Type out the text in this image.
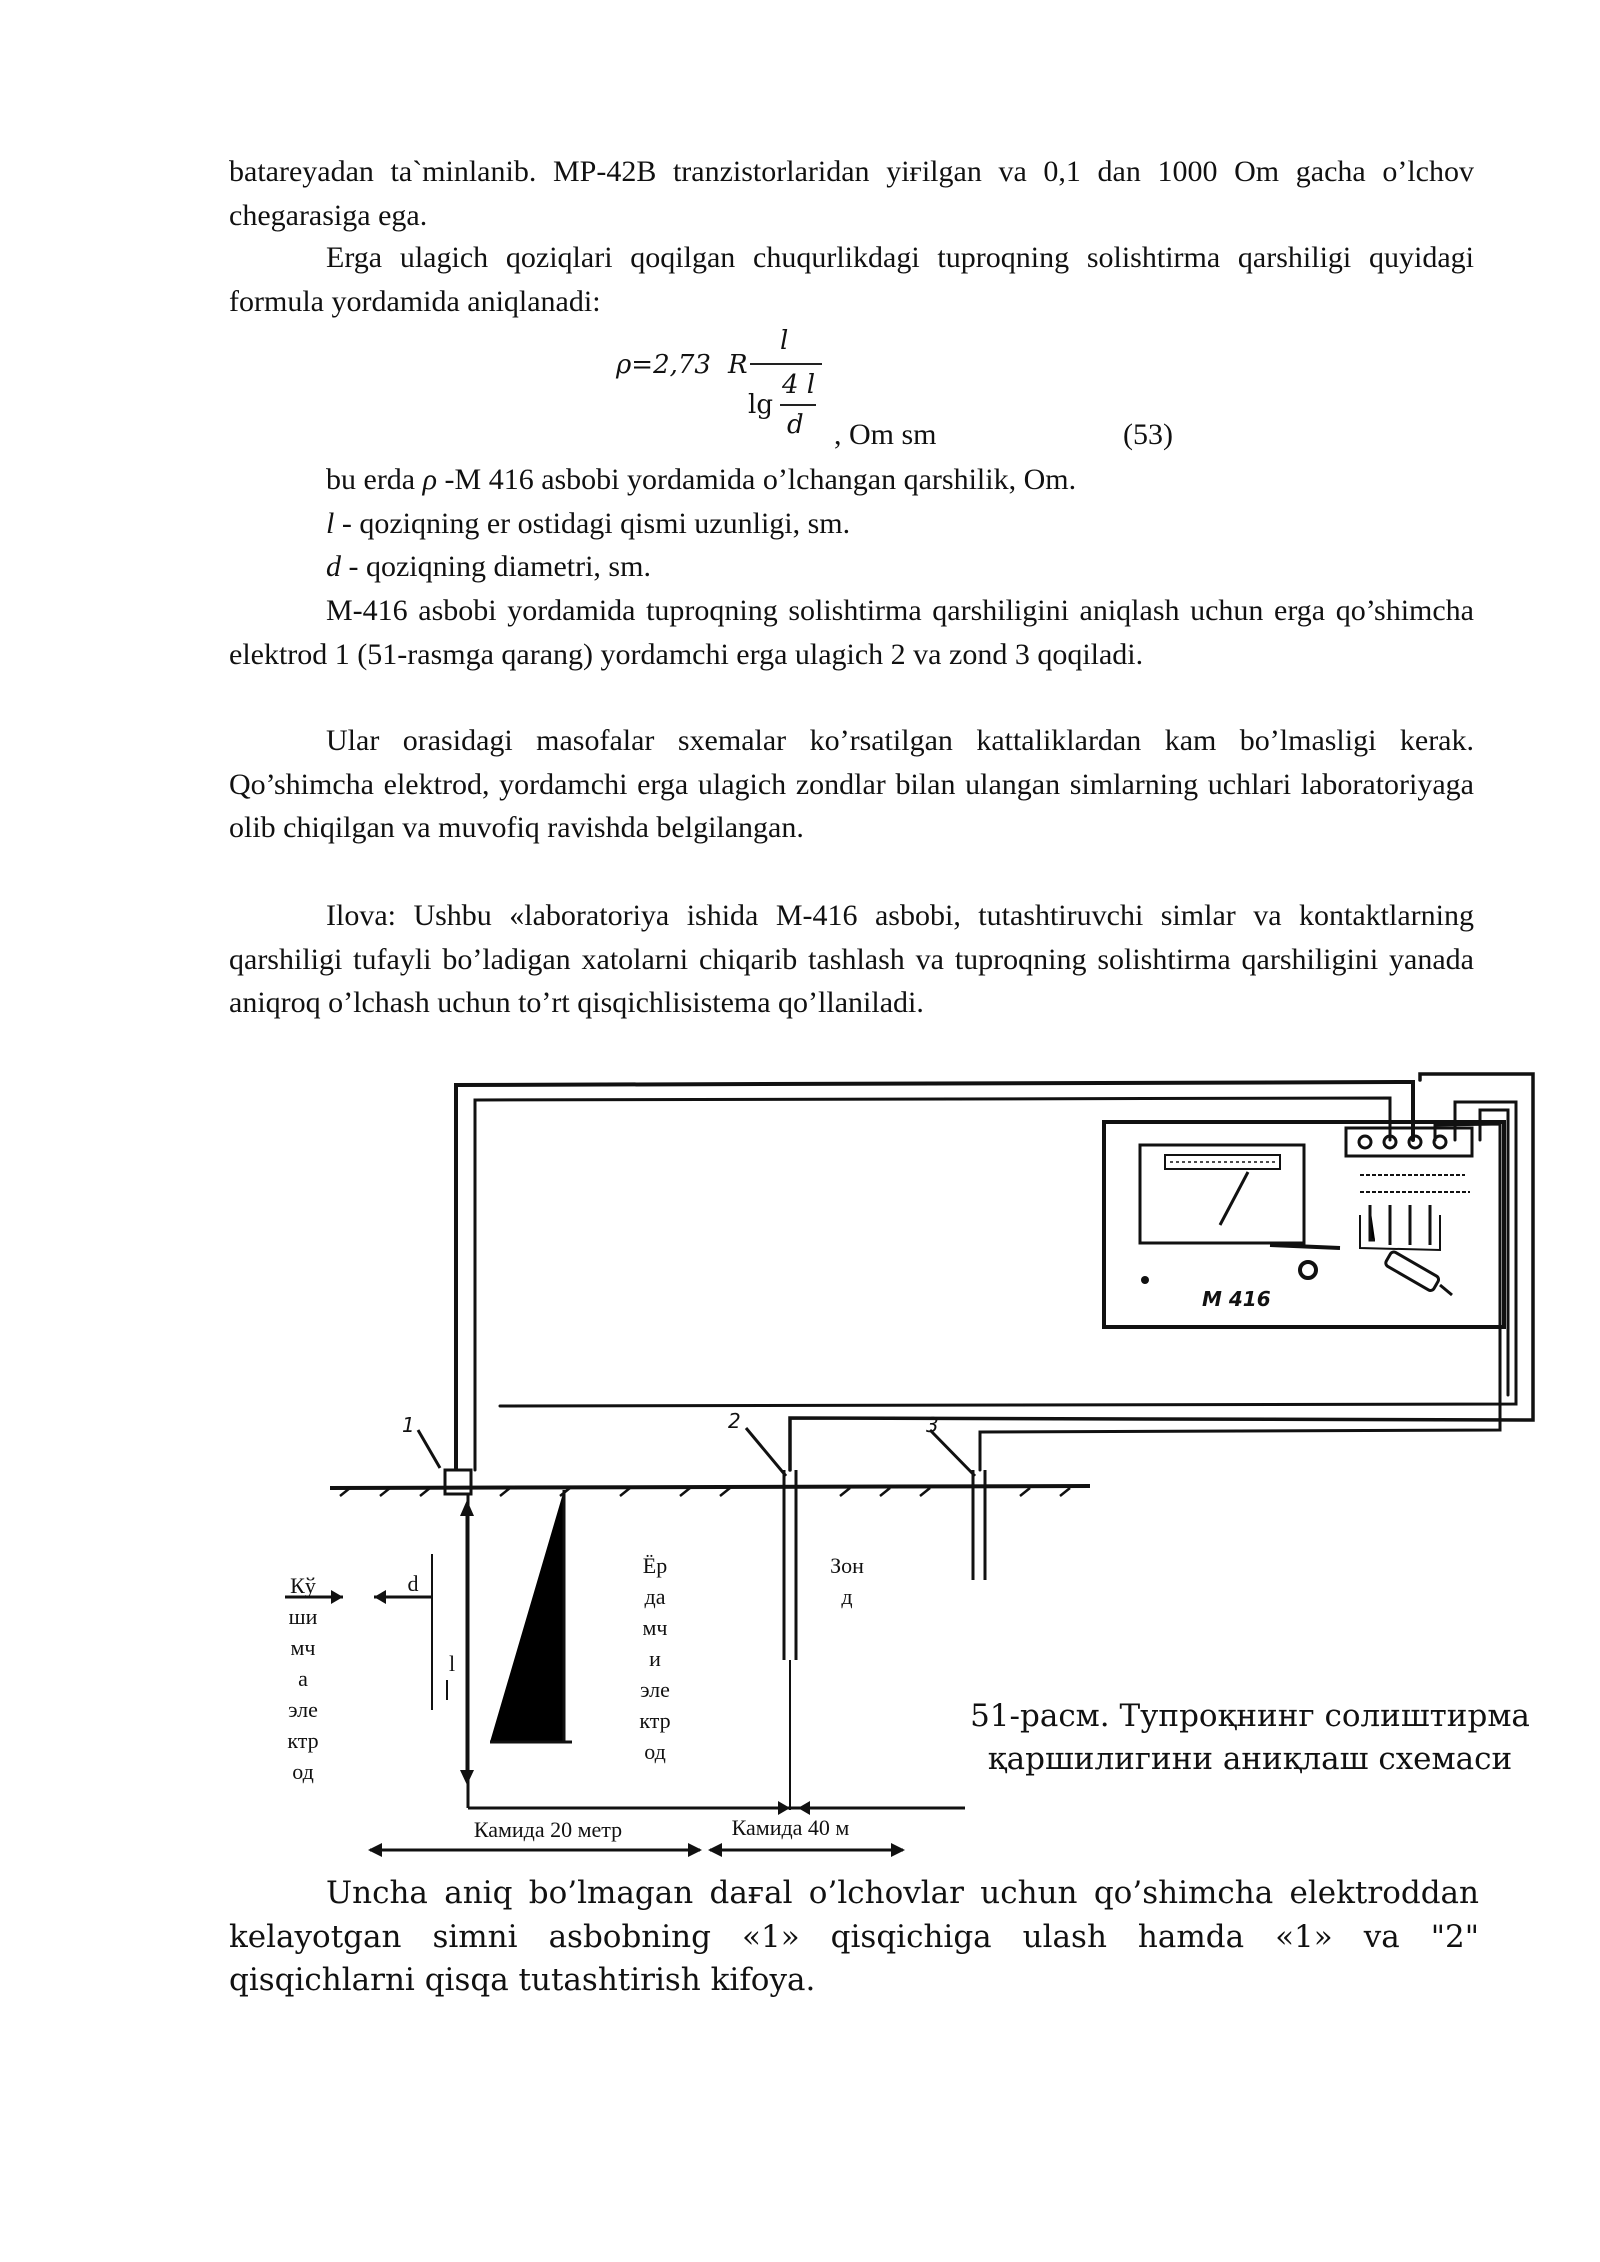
batareyadan ta`minlanib. MP-42B tranzistorlaridan yiғilgan va 0,1 dan 1000 Om gacha o’lchov chegarasiga ega.

Erga ulagich qoziqlari qoqilgan chuqurlikdagi tuproqning solishtirma qarshiligi quyidagi formula yordamida aniqlanadi:

ρ=2,73 R
l
lg
4 l
d , Om sm	(53)

bu erda ρ -M 416 asbobi yordamida o’lchangan qarshilik, Om.

l - qoziqning er ostidagi qismi uzunligi, sm.

d - qoziqning diametri, sm.

M-416 asbobi yordamida tuproqning solishtirma qarshiligini aniqlash uchun erga qo’shimcha elektrod 1 (51-rasmga qarang) yordamchi erga ulagich 2 va zond 3 qoqiladi.

Ular orasidagi masofalar sxemalar ko’rsatilgan kattaliklardan kam bo’lmasligi kerak. Qo’shimcha elektrod, yordamchi erga ulagich zondlar bilan ulangan simlarning uchlari laboratoriyaga olib chiqilgan va muvofiq ravishda belgilangan.

Ilova: Ushbu «laboratoriya ishida M-416 asbobi, tutashtiruvchi simlar va kontaktlarning qarshiligi tufayli bo’ladigan xatolarni chiqarib tashlash va tuproqning solishtirma qarshiligini yanada aniqroq o’lchash uchun to’rt qisqichlisistema qo’llaniladi.

M 416
1	2	3
Кў
ши
мч
а
эле
ктр
од
d
l
Ёр
да
мч
и
эле
ктр
од
Зон
д
Камида 20 метр	Камида 40 м
51-расм. Тупроқнинг солиштирма қаршилигини аниқлаш схемаси

Uncha aniq bo’lmagan daғal o’lchovlar uchun qo’shimcha elektroddan kelayotgan simni asbobning «1» qisqichiga ulash hamda «1» va "2" qisqichlarni qisqa tutashtirish kifoya.
